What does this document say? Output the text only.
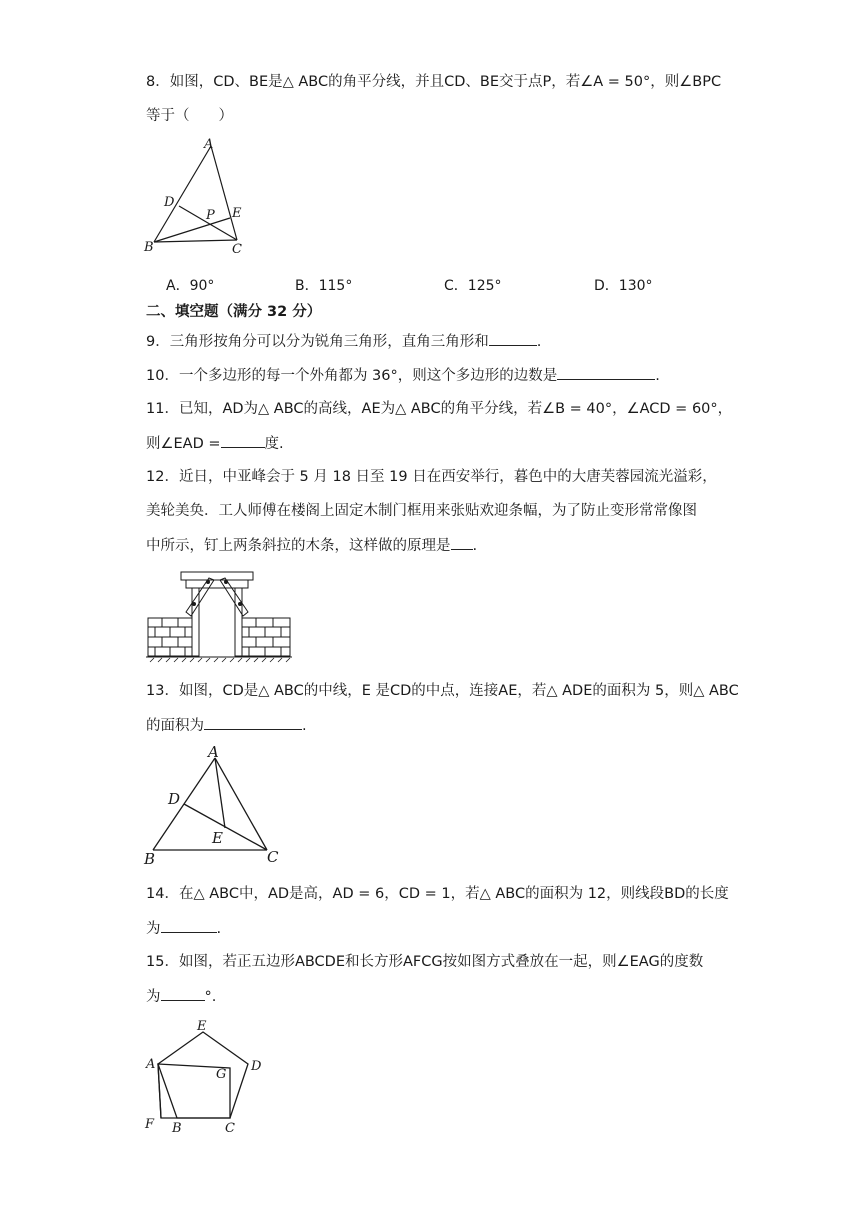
8．如图，CD、BE是△ ABC的角平分线，并且CD、BE交于点P，若∠A = 50°，则∠BPC
等于（　　）
A
D
P E
B	C
A．90°	B．115°	C．125°	D．130°
二、填空题（满分 32 分）
9．三角形按角分可以分为锐角三角形，直角三角形和	.
10．一个多边形的每一个外角都为 36°，则这个多边形的边数是	.
11．已知，AD为△ ABC的高线，AE为△ ABC的角平分线，若∠B = 40°，∠ACD = 60°，
则∠EAD =	度.
12．近日，中亚峰会于 5 月 18 日至 19 日在西安举行，暮色中的大唐芙蓉园流光溢彩，
美轮美奂．工人师傅在楼阁上固定木制门框用来张贴欢迎条幅，为了防止变形常常像图
中所示，钉上两条斜拉的木条，这样做的原理是 .
13．如图，CD是△ ABC的中线，E 是CD的中点，连接AE，若△ ADE的面积为 5，则△ ABC
的面积为	.
A
D
E
B	C
14．在△ ABC中，AD是高，AD = 6，CD = 1，若△ ABC的面积为 12，则线段BD的长度
为	.
15．如图，若正五边形ABCDE和长方形AFCG按如图方式叠放在一起，则∠EAG的度数
为	°.
E
A	D
G
F B	C
